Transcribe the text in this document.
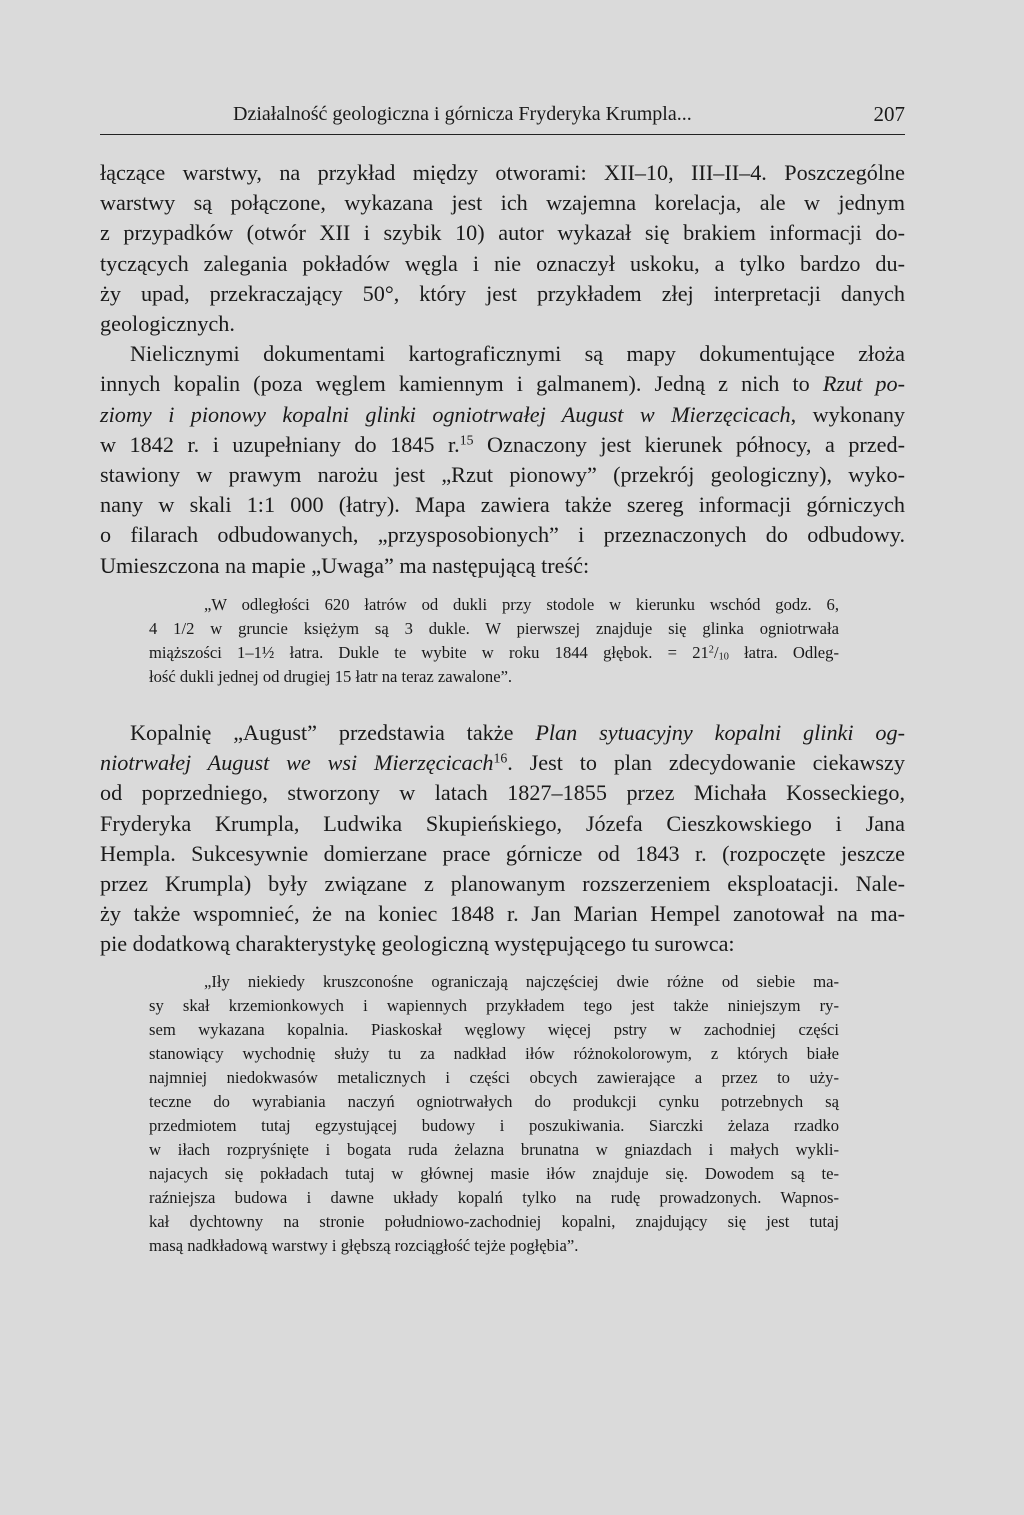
Działalność geologiczna i górnicza Fryderyka Krumpla...	207
łączące warstwy, na przykład między otworami: XII–10, III–II–4. Poszczególne
warstwy są połączone, wykazana jest ich wzajemna korelacja, ale w jednym
z przypadków (otwór XII i szybik 10) autor wykazał się brakiem informacji do-
tyczących zalegania pokładów węgla i nie oznaczył uskoku, a tylko bardzo du-
ży upad, przekraczający 50°, który jest przykładem złej interpretacji danych
geologicznych.
Nielicznymi dokumentami kartograficznymi są mapy dokumentujące złoża
innych kopalin (poza węglem kamiennym i galmanem). Jedną z nich to Rzut po-
ziomy i pionowy kopalni glinki ogniotrwałej August w Mierzęcicach, wykonany
w 1842 r. i uzupełniany do 1845 r.$^{15}$ Oznaczony jest kierunek północy, a przed-
stawiony w prawym narożu jest „Rzut pionowy” (przekrój geologiczny), wyko-
nany w skali 1:1 000 (łatry). Mapa zawiera także szereg informacji górniczych
o filarach odbudowanych, „przysposobionych” i przeznaczonych do odbudowy.
Umieszczona na mapie „Uwaga” ma następującą treść:
„W odległości 620 łatrów od dukli przy stodole w kierunku wschód godz. 6,
4 1/2 w gruncie księżym są 3 dukle. W pierwszej znajduje się glinka ogniotrwała
miąższości 1–1½ łatra. Dukle te wybite w roku 1844 głębok. = $21^2/_{10}$ łatra. Odleg-
łość dukli jednej od drugiej 15 łatr na teraz zawalone”.
Kopalnię „August” przedstawia także Plan sytuacyjny kopalni glinki og-
niotrwałej August we wsi Mierzęcicach$^{16}$. Jest to plan zdecydowanie ciekawszy
od poprzedniego, stworzony w latach 1827–1855 przez Michała Kosseckiego,
Fryderyka Krumpla, Ludwika Skupieńskiego, Józefa Cieszkowskiego i Jana
Hempla. Sukcesywnie domierzane prace górnicze od 1843 r. (rozpoczęte jeszcze
przez Krumpla) były związane z planowanym rozszerzeniem eksploatacji. Nale-
ży także wspomnieć, że na koniec 1848 r. Jan Marian Hempel zanotował na ma-
pie dodatkową charakterystykę geologiczną występującego tu surowca:
„Iły niekiedy kruszconośne ograniczają najczęściej dwie różne od siebie ma-
sy skał krzemionkowych i wapiennych przykładem tego jest także niniejszym ry-
sem wykazana kopalnia. Piaskoskał węglowy więcej pstry w zachodniej części
stanowiący wychodnię służy tu za nadkład iłów różnokolorowym, z których białe
najmniej niedokwasów metalicznych i części obcych zawierające a przez to uży-
teczne do wyrabiania naczyń ogniotrwałych do produkcji cynku potrzebnych są
przedmiotem tutaj egzystującej budowy i poszukiwania. Siarczki żelaza rzadko
w iłach rozpryśnięte i bogata ruda żelazna brunatna w gniazdach i małych wykli-
najacych się pokładach tutaj w głównej masie iłów znajduje się. Dowodem są te-
raźniejsza budowa i dawne układy kopalń tylko na rudę prowadzonych. Wapnos-
kał dychtowny na stronie południowo-zachodniej kopalni, znajdujący się jest tutaj
masą nadkładową warstwy i głębszą rozciągłość tejże pogłębia”.
